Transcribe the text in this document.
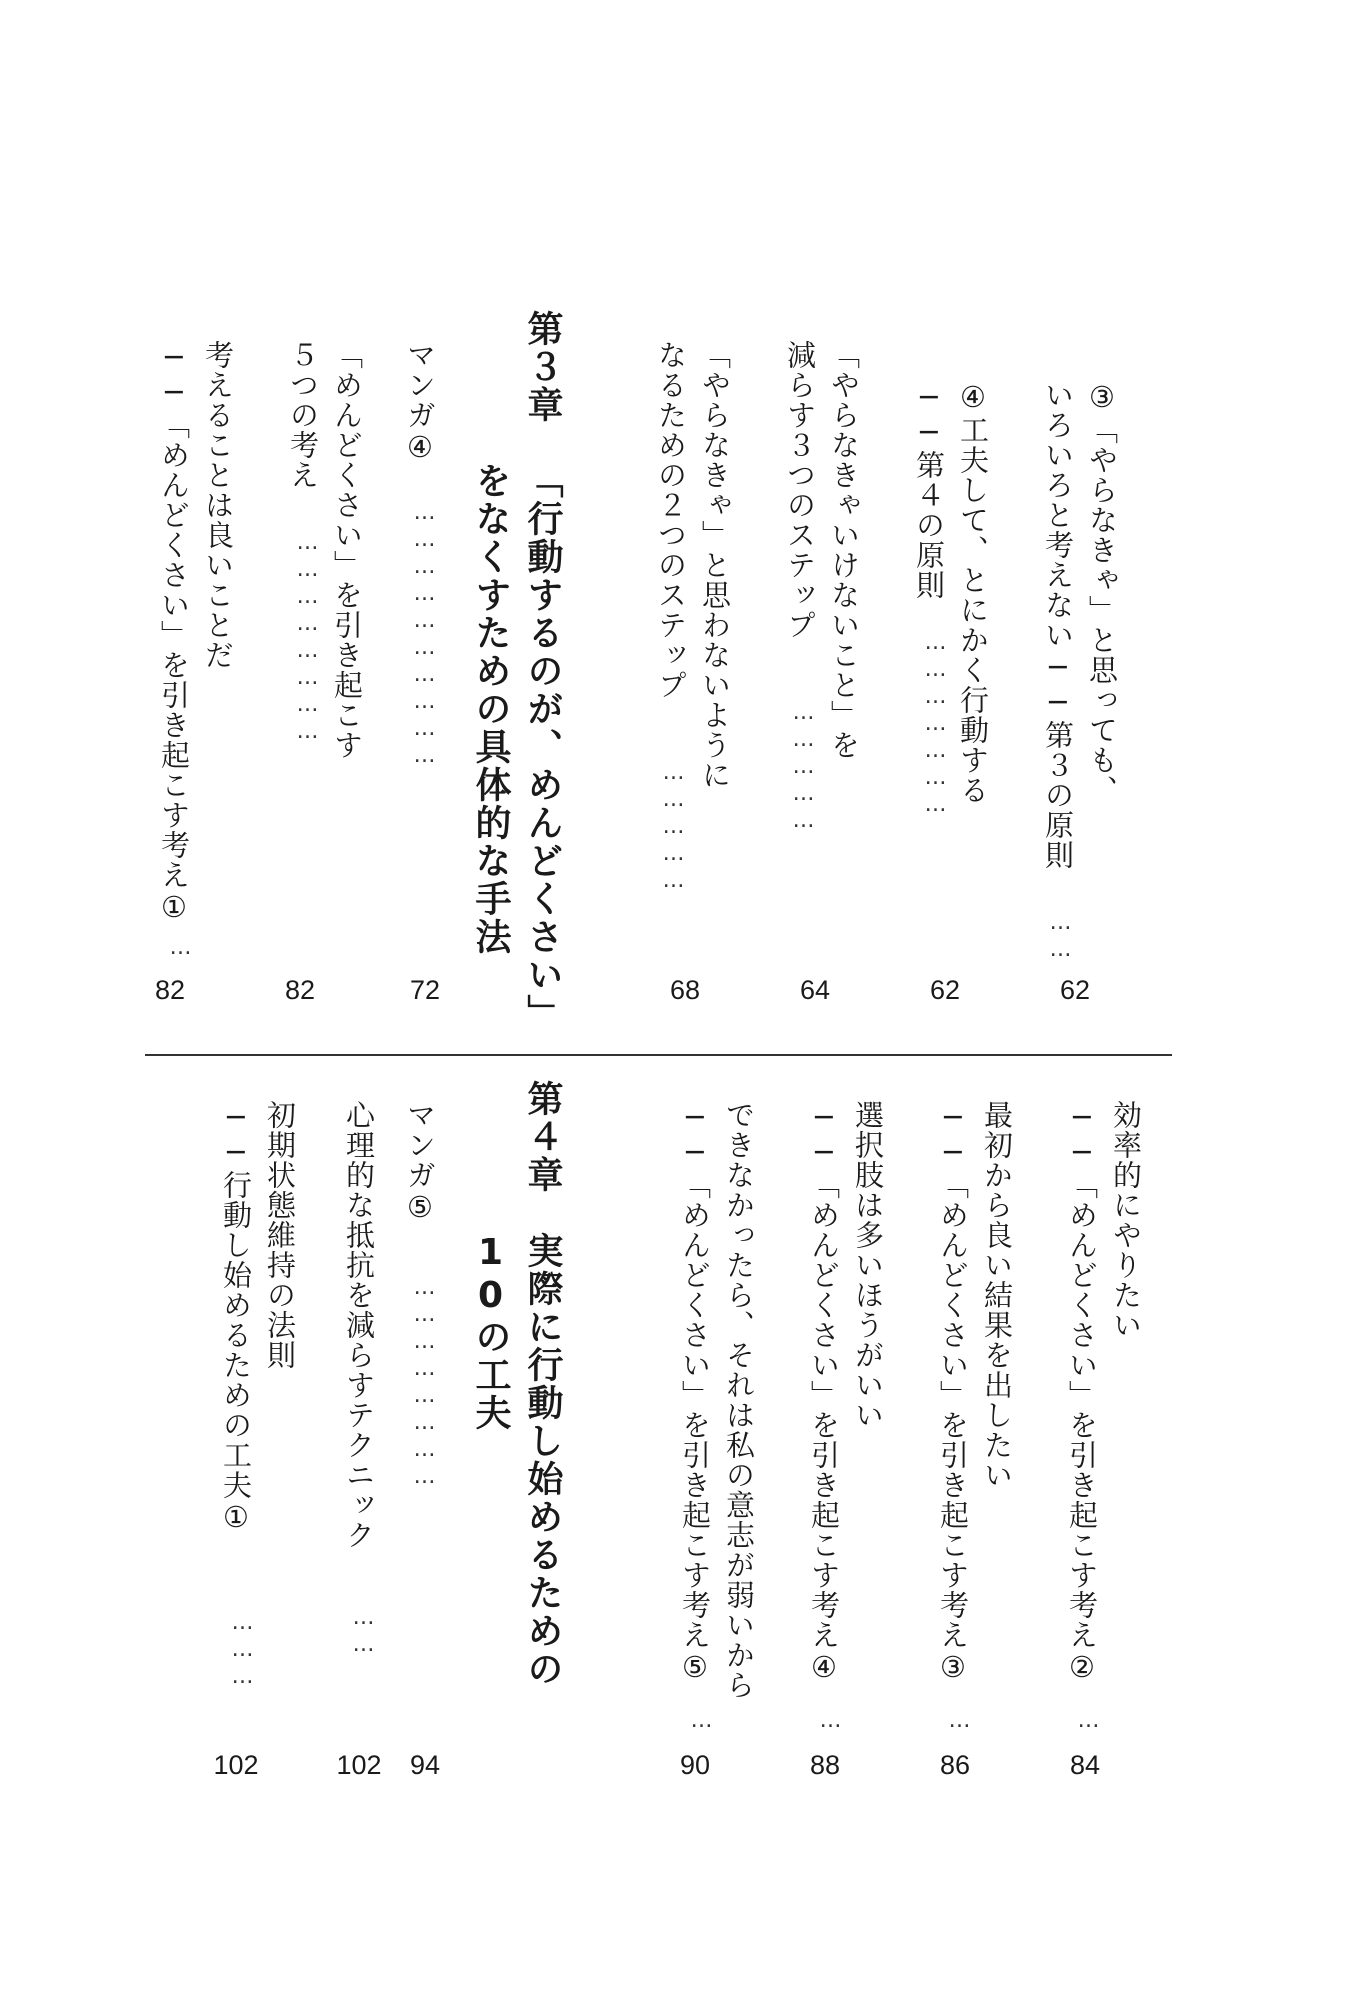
③「やらなきゃ」と思っても、
いろいろと考えない──第３の原則
……
62
④工夫して、とにかく行動する
──第４の原則
…………………
62
「やらなきゃいけないこと」を
減らす３つのステップ
……………
64
「やらなきゃ」と思わないように
なるための２つのステップ
……………
68
第３章
「行動するのが、めんどくさい」
をなくすための具体的な手法
マンガ④
…………………………
72
「めんどくさい」を引き起こす
５つの考え
……………………
82
考えることは良いことだ
──「めんどくさい」を引き起こす考え①
…
82
効率的にやりたい
──「めんどくさい」を引き起こす考え②
…
84
最初から良い結果を出したい
──「めんどくさい」を引き起こす考え③
…
86
選択肢は多いほうがいい
──「めんどくさい」を引き起こす考え④
…
88
できなかったら、それは私の意志が弱いから
──「めんどくさい」を引き起こす考え⑤
…
90
第４章
実際に行動し始めるための
10の工夫
マンガ⑤
……………………
94
心理的な抵抗を減らすテクニック
……
102
初期状態維持の法則
──行動し始めるための工夫①
………
102
